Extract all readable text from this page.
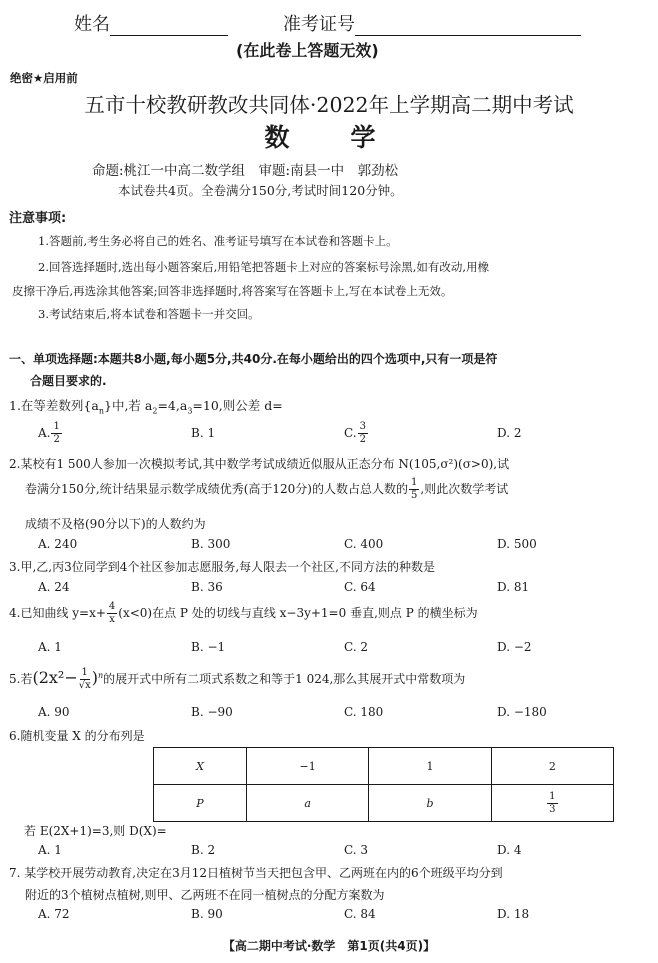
姓名	准考证号
(在此卷上答题无效)
绝密★启用前
五市十校教研教改共同体·2022年上学期高二期中考试
数　学
命题:桃江一中高二数学组　审题:南县一中　郭劲松
本试卷共4页。全卷满分150分,考试时间120分钟。
注意事项:
1.答题前,考生务必将自己的姓名、准考证号填写在本试卷和答题卡上。
2.回答选择题时,选出每小题答案后,用铅笔把答题卡上对应的答案标号涂黑,如有改动,用橡
皮擦干净后,再选涂其他答案;回答非选择题时,将答案写在答题卡上,写在本试卷上无效。
3.考试结束后,将本试卷和答题卡一并交回。
一、单项选择题:本题共8小题,每小题5分,共40分.在每小题给出的四个选项中,只有一项是符
合题目要求的.
1.在等差数列$\{a_n\}$中,若 $a_2=4,a_3=10$,则公差 d=
A. $\frac{1}{2}$	B. 1	C. $\frac{3}{2}$	D. 2
2.某校有1 500人参加一次模拟考试,其中数学考试成绩近似服从正态分布 N(105,σ²)(σ>0),试
卷满分150分,统计结果显示数学成绩优秀(高于120分)的人数占总人数的 $\frac{1}{5}$ ,则此次数学考试
成绩不及格(90分以下)的人数约为
A. 240	B. 300	C. 400	D. 500
3.甲,乙,丙3位同学到4个社区参加志愿服务,每人限去一个社区,不同方法的种数是
A. 24	B. 36	C. 64	D. 81
4.已知曲线 $y=x+ \frac{4}{x} (x<0)$在点 P 处的切线与直线 x−3y+1=0 垂直,则点 P 的横坐标为
A. 1	B. −1	C. 2	D. −2
5.若$(2x^2- \frac{1}{√x} )^n$的展开式中所有二项式系数之和等于1 024,那么其展开式中常数项为
A. 90	B. −90	C. 180	D. −180
6.随机变量 X 的分布列是
X	−1	1	2
P	a	b	$\frac{1}{3}$
若 E(2X+1)=3,则 D(X)=
A. 1	B. 2	C. 3	D. 4
7. 某学校开展劳动教育,决定在3月12日植树节当天把包含甲、乙两班在内的6个班级平均分到
附近的3个植树点植树,则甲、乙两班不在同一植树点的分配方案数为
A. 72	B. 90	C. 84	D. 18
【高二期中考试·数学　第1页(共4页)】
